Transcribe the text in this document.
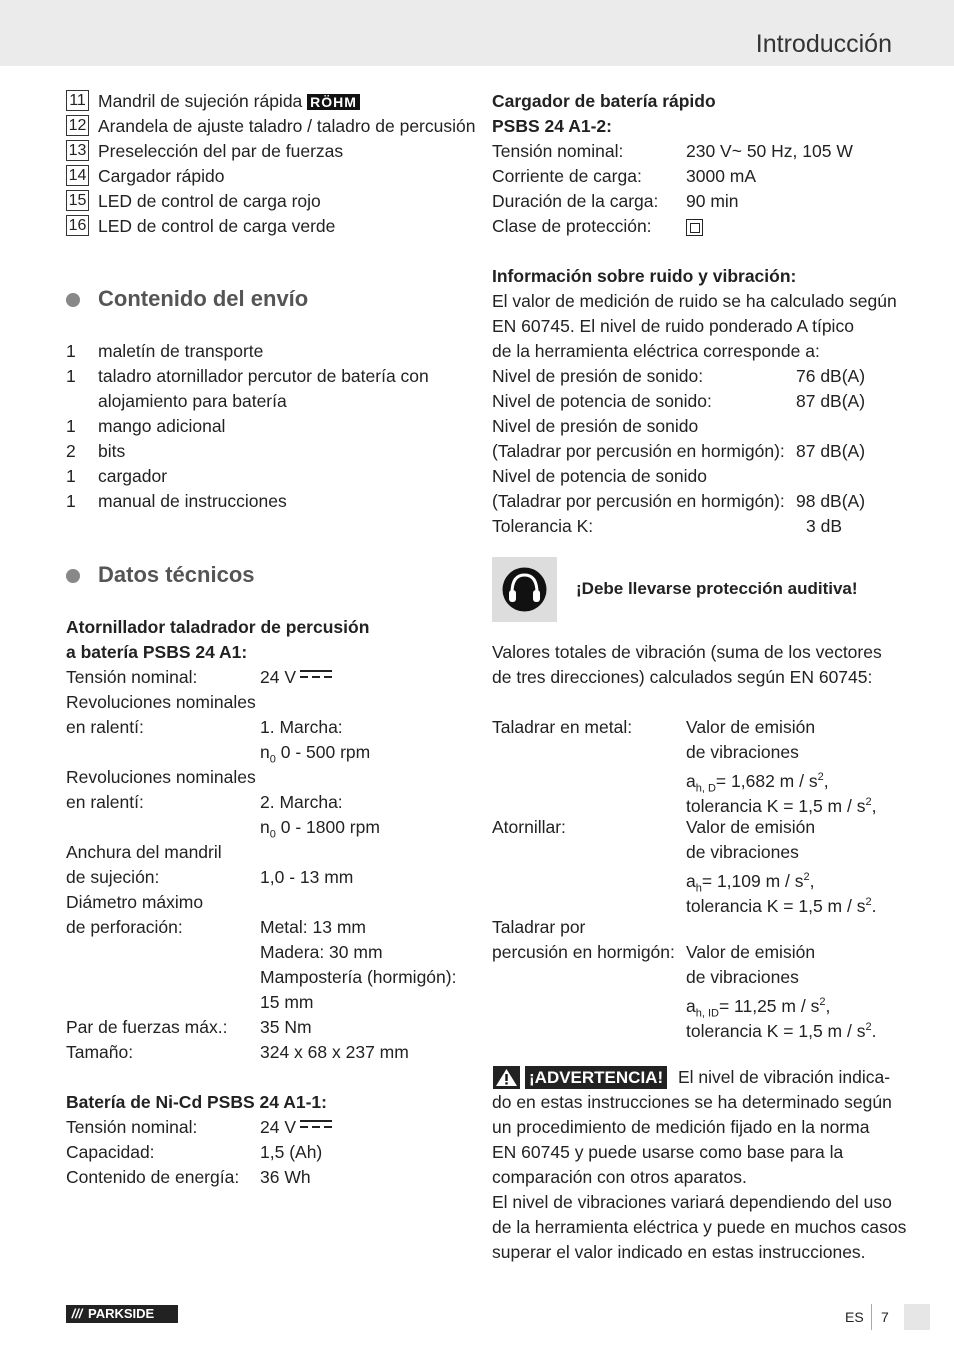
Introducción
11 Mandril de sujeción rápida RÖHM
12 Arandela de ajuste taladro / taladro de percusión
13 Preselección del par de fuerzas
14 Cargador rápido
15 LED de control de carga rojo
16 LED de control de carga verde
Contenido del envío
1 maletín de transporte
1 taladro atornillador percutor de batería con
alojamiento para batería
1 mango adicional
2 bits
1 cargador
1 manual de instrucciones
Datos técnicos
Atornillador taladrador de percusión
a batería PSBS 24 A1:
Tensión nominal:	24 V
Revoluciones nominales
en ralentí:	1. Marcha:
$n_0$ 0 - 500 rpm
Revoluciones nominales
en ralentí:	2. Marcha:
$n_0$ 0 - 1800 rpm
Anchura del mandril
de sujeción:	1,0 - 13 mm
Diámetro máximo
de perforación:	Metal: 13 mm
Madera: 30 mm
Mampostería (hormigón):
15 mm
Par de fuerzas máx.: 35 Nm
Tamaño:	324 x 68 x 237 mm
Batería de Ni-Cd PSBS 24 A1-1:
Tensión nominal:	24 V
Capacidad:	1,5 (Ah)
Contenido de energía: 36 Wh
Cargador de batería rápido
PSBS 24 A1-2:
Tensión nominal:	230 V~ 50 Hz, 105 W
Corriente de carga:	3000 mA
Duración de la carga: 90 min
Clase de protección:
Información sobre ruido y vibración:
El valor de medición de ruido se ha calculado según
EN 60745. El nivel de ruido ponderado A típico
de la herramienta eléctrica corresponde a:
Nivel de presión de sonido:	76 dB(A)
Nivel de potencia de sonido:	87 dB(A)
Nivel de presión de sonido
(Taladrar por percusión en hormigón): 87 dB(A)
Nivel de potencia de sonido
(Taladrar por percusión en hormigón): 98 dB(A)
Tolerancia K:	3 dB
¡Debe llevarse protección auditiva!
Valores totales de vibración (suma de los vectores
de tres direcciones) calculados según EN 60745:
Taladrar en metal:	Valor de emisión
de vibraciones
$a_{h, D}= 1,682$ m / $s^2$,
tolerancia K = 1,5 m / $s^2$,
Atornillar:	Valor de emisión
de vibraciones
$a_h= 1,109$ m / $s^2$,
tolerancia K = 1,5 m / $s^2$.
Taladrar por
percusión en hormigón: Valor de emisión
de vibraciones
$a_{h, ID}= 11,25$ m / $s^2$,
tolerancia K = 1,5 m / $s^2$.
¡ADVERTENCIA! El nivel de vibración indica-
do en estas instrucciones se ha determinado según
un procedimiento de medición fijado en la norma
EN 60745 y puede usarse como base para la
comparación con otros aparatos.
El nivel de vibraciones variará dependiendo del uso
de la herramienta eléctrica y puede en muchos casos
superar el valor indicado en estas instrucciones.
/// PARKSIDE	ES 7
